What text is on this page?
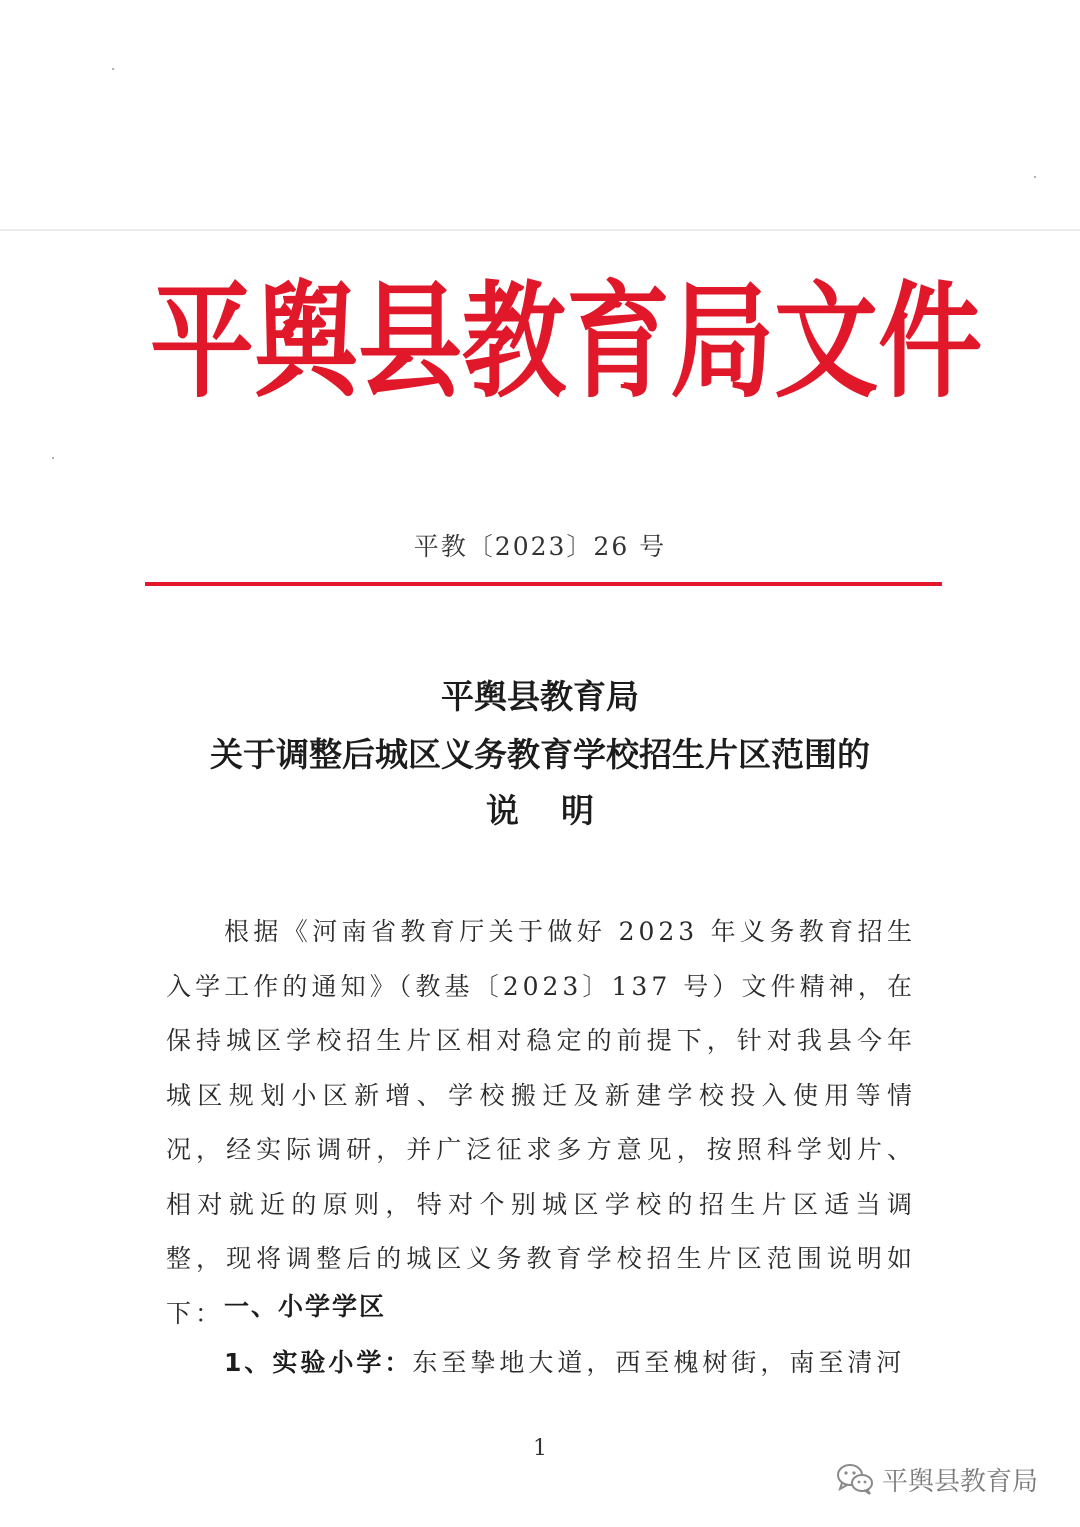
平 舆 县 教 育 局 文 件
平教〔2023〕26 号
平舆县教育局
关于调整后城区义务教育学校招生片区范围的
说明
根据《河南省教育厅关于做好 2023 年义务教育招生入学工作的通知》（教基〔2023〕137 号）文件精神，在保持城区学校招生片区相对稳定的前提下，针对我县今年城区规划小区新增、学校搬迁及新建学校投入使用等情况，经实际调研，并广泛征求多方意见，按照科学划片、相对就近的原则，特对个别城区学校的招生片区适当调整，现将调整后的城区义务教育学校招生片区范围说明如下： 一、小学学区
1、实验小学：东至挚地大道，西至槐树街，南至清河
1
平舆县教育局
